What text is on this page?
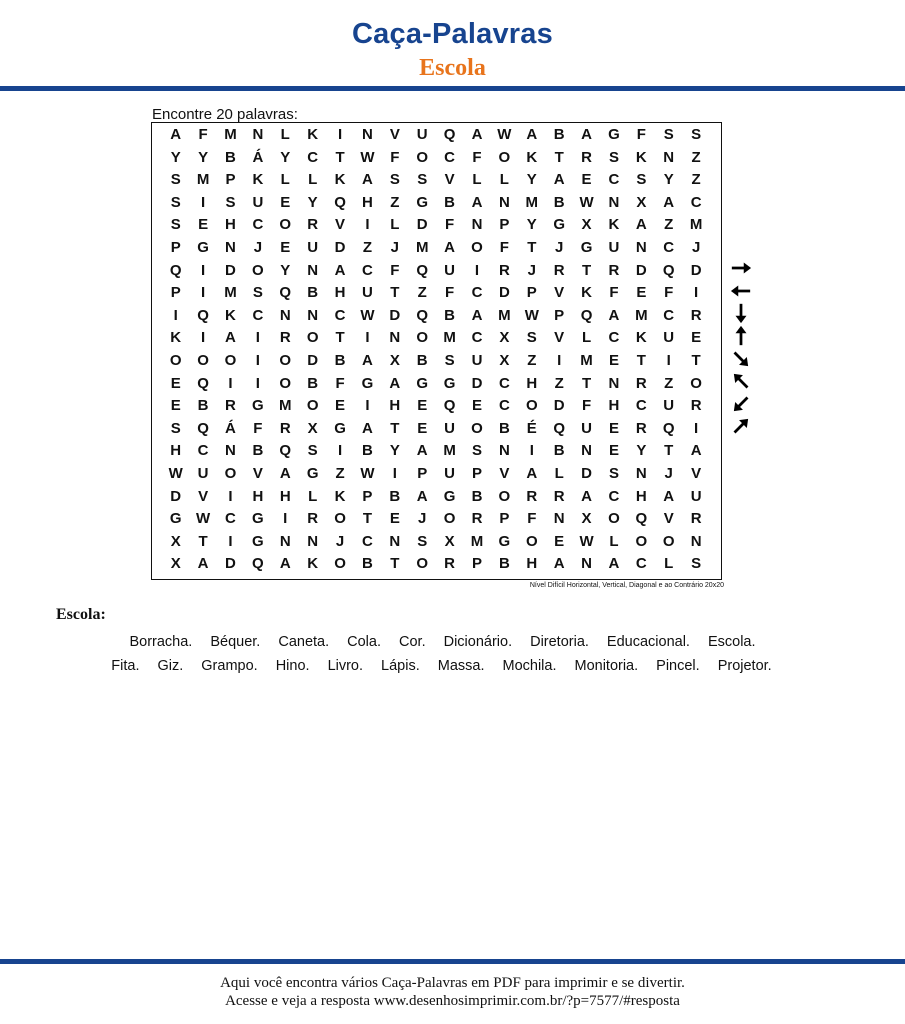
Caça-Palavras
Escola
Encontre 20 palavras:
A	F	M	N	L	K	I	N	V	U	Q	A W A	B	A	G	F	S	S
Y	Y	B	Á	Y	C	T	W	F	O	C	F	O	K	T	R	S	K	N	Z
S	M	P	K	L	L	K	A	S	S	V	L	L	Y	A	E	C	S	Y	Z
S	I	S	U	E	Y	Q	H	Z	G	B	A	N	M	B W N	X	A	C
S	E	H	C	O	R	V	I	L	D	F	N	P	Y	G	X	K	A	Z	M
P	G	N	J	E	U	D	Z	J	M	A	O	F	T	J	G	U	N	C	J
Q	I	D	O	Y	N	A	C	F	Q	U	I	R	J	R	T	R	D	Q	D
P	I	M	S	Q	B	H	U	T	Z	F	C	D	P	V	K	F	E	F	I
I	Q	K	C	N	N	C W D	Q	B	A	M W	P	Q	A	M	C	R
K	I	A	I	R	O	T	I	N	O	M	C	X	S	V	L	C	K	U	E
O	O	O	I	O	D	B	A	X	B	S	U	X	Z	I	M	E	T	I	T
E	Q	I	I	O	B	F	G	A	G	G	D	C	H	Z	T	N	R	Z	O
E	B	R	G	M	O	E	I	H	E	Q	E	C	O	D	F	H	C	U	R
S	Q	Á	F	R	X	G	A	T	E	U	O	B	É	Q	U	E	R	Q	I
H	C	N	B	Q	S	I	B	Y	A	M	S	N	I	B	N	E	Y	T	A
W U	O	V	A	G	Z	W	I	P	U	P	V	A	L	D	S	N	J	V
D	V	I	H	H	L	K	P	B	A	G	B	O	R	R	A	C	H	A	U
G W C	G	I	R	O	T	E	J	O	R	P	F	N	X	O	Q	V	R
X	T	I	G	N	N	J	C	N	S	X	M	G	O	E	W	L	O	O	N
X	A	D	Q	A	K	O	B	T	O	R	P	B	H	A	N	A	C	L	S
Nível Difícil Horizontal, Vertical, Diagonal e ao Contrário 20x20
Escola:
Borracha. Béquer. Caneta. Cola. Cor. Dicionário. Diretoria. Educacional. Escola.
Fita. Giz. Grampo. Hino. Livro. Lápis. Massa. Mochila. Monitoria. Pincel. Projetor.
Aqui você encontra vários Caça-Palavras em PDF para imprimir e se divertir.
Acesse e veja a resposta www.desenhosimprimir.com.br/?p=7577/#resposta
